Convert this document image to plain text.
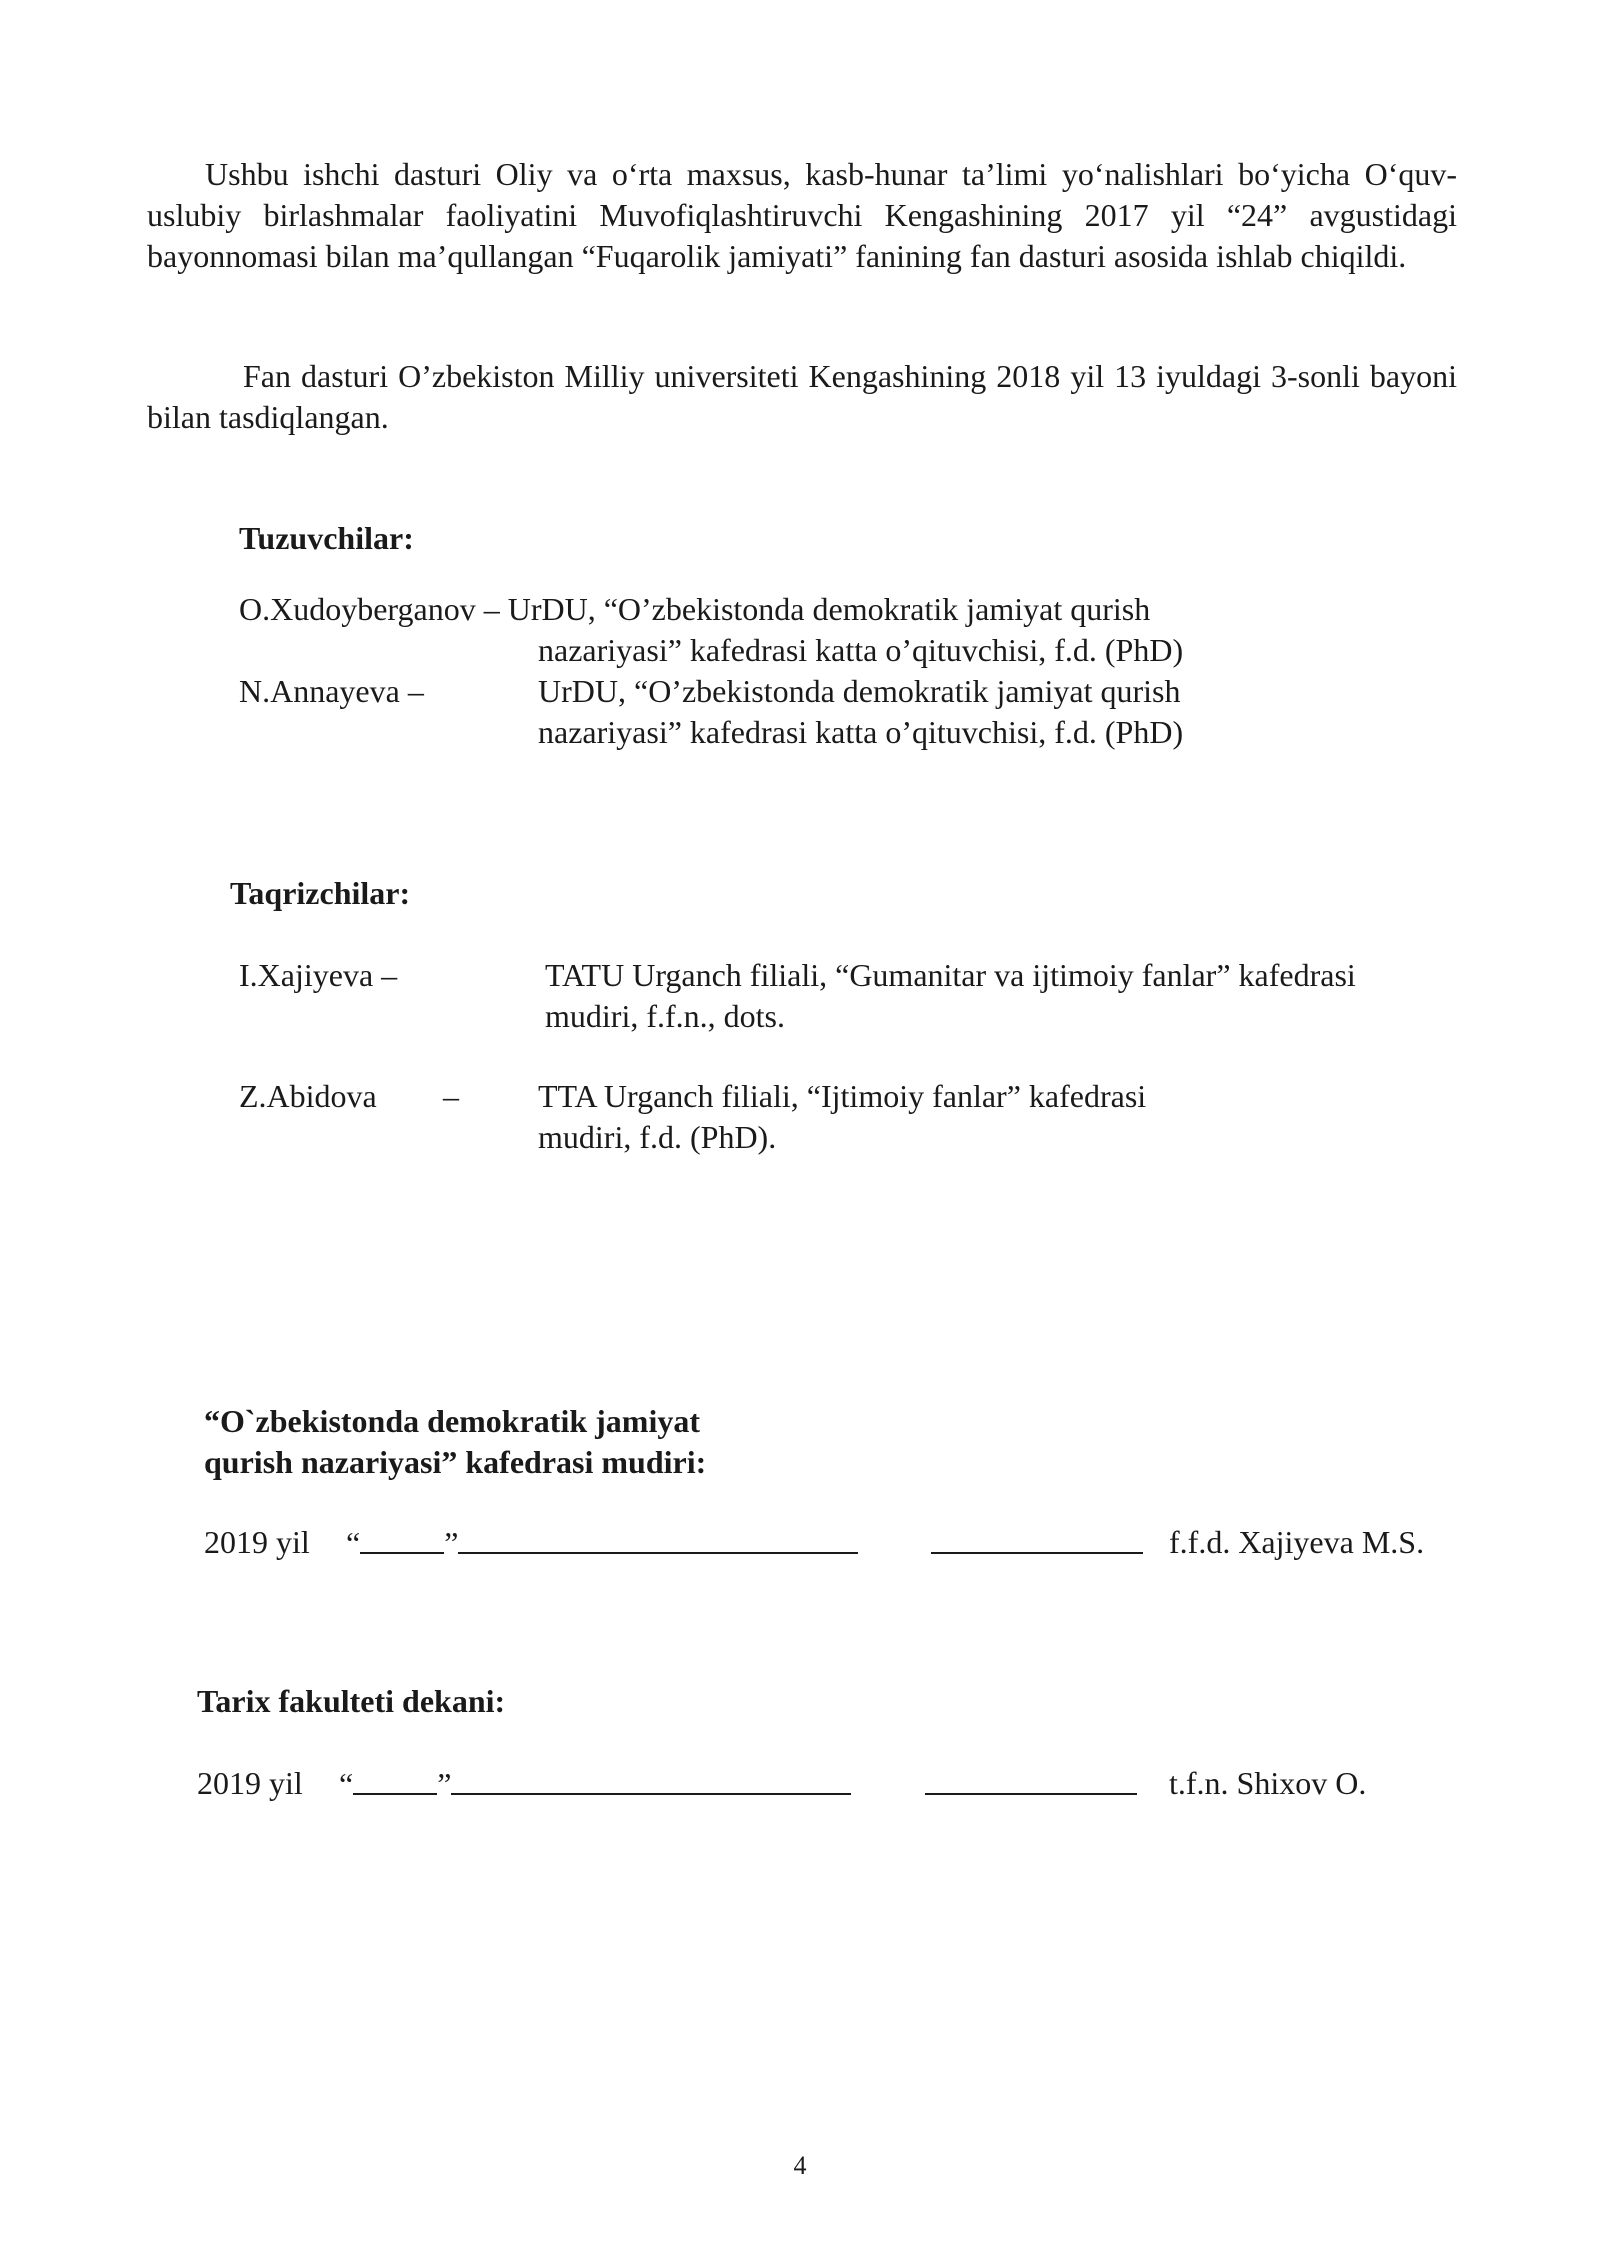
Ushbu ishchi dasturi Oliy va o‘rta maxsus, kasb-hunar ta’limi yo‘nalishlari bo‘yicha O‘quv-uslubiy birlashmalar faoliyatini Muvofiqlashtiruvchi Kengashining 2017 yil “24” avgustidagi bayonnomasi bilan ma’qullangan “Fuqarolik jamiyati” fanining fan dasturi asosida ishlab chiqildi.

Fan dasturi O’zbekiston Milliy universiteti Kengashining 2018 yil 13 iyuldagi 3-sonli bayoni bilan tasdiqlangan.

Tuzuvchilar:

O.Xudoyberganov – UrDU, “O’zbekistonda demokratik jamiyat qurish

nazariyasi” kafedrasi katta o’qituvchisi, f.d. (PhD)

N.Annayeva –	UrDU, “O’zbekistonda demokratik jamiyat qurish

nazariyasi” kafedrasi katta o’qituvchisi, f.d. (PhD)

Taqrizchilar:

I.Xajiyeva –	TATU Urganch filiali, “Gumanitar va ijtimoiy fanlar” kafedrasi

mudiri, f.f.n., dots.

Z.Abidova – TTA Urganch filiali, “Ijtimoiy fanlar” kafedrasi

mudiri, f.d. (PhD).

“O`zbekistonda demokratik jamiyat
qurish nazariyasi” kafedrasi mudiri:
2019 yil “	”	f.f.d. Xajiyeva M.S.

Tarix fakulteti dekani:

2019 yil “	”	t.f.n. Shixov O.
4
